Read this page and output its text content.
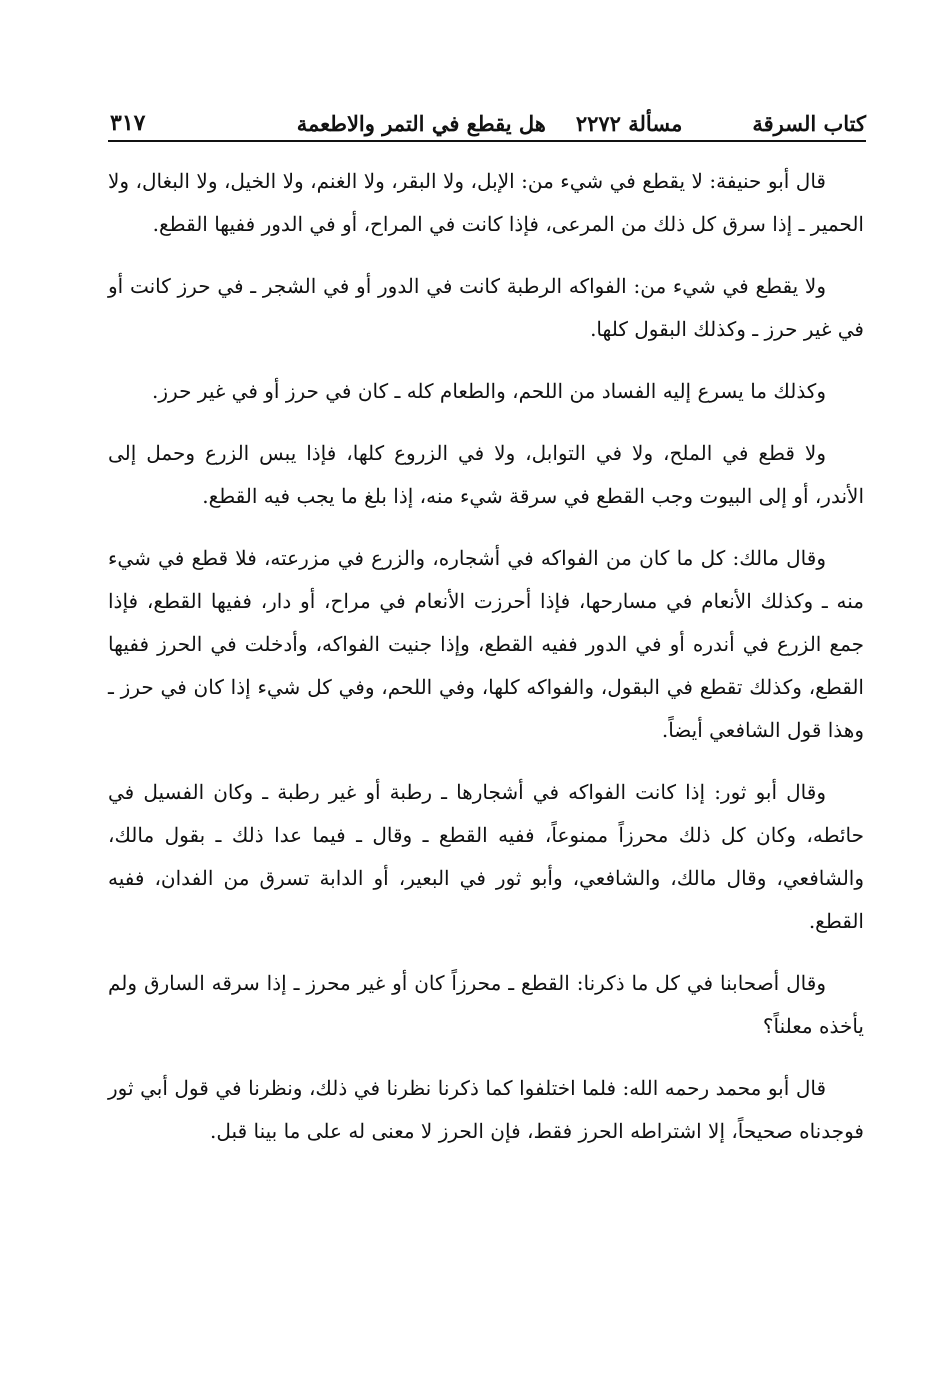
كتاب السرقة
مسألة ٢٢٧٢
هل يقطع في التمر والاطعمة
٣١٧

قال أبو حنيفة: لا يقطع في شيء من: الإبل، ولا البقر، ولا الغنم، ولا الخيل، ولا البغال، ولا الحمير ـ إذا سرق كل ذلك من المرعى، فإذا كانت في المراح، أو في الدور ففيها القطع.

ولا يقطع في شيء من: الفواكه الرطبة كانت في الدور أو في الشجر ـ في حرز كانت أو في غير حرز ـ وكذلك البقول كلها.

وكذلك ما يسرع إليه الفساد من اللحم، والطعام كله ـ كان في حرز أو في غير حرز.

ولا قطع في الملح، ولا في التوابل، ولا في الزروع كلها، فإذا يبس الزرع وحمل إلى الأندر، أو إلى البيوت وجب القطع في سرقة شيء منه، إذا بلغ ما يجب فيه القطع.

وقال مالك: كل ما كان من الفواكه في أشجاره، والزرع في مزرعته، فلا قطع في شيء منه ـ وكذلك الأنعام في مسارحها، فإذا أحرزت الأنعام في مراح، أو دار، ففيها القطع، فإذا جمع الزرع في أندره أو في الدور ففيه القطع، وإذا جنيت الفواكه، وأدخلت في الحرز ففيها القطع، وكذلك تقطع في البقول، والفواكه كلها، وفي اللحم، وفي كل شيء إذا كان في حرز ـ وهذا قول الشافعي أيضاً.

وقال أبو ثور: إذا كانت الفواكه في أشجارها ـ رطبة أو غير رطبة ـ وكان الفسيل في حائطه، وكان كل ذلك محرزاً ممنوعاً، ففيه القطع ـ وقال ـ فيما عدا ذلك ـ بقول مالك، والشافعي، وقال مالك، والشافعي، وأبو ثور في البعير، أو الدابة تسرق من الفدان، ففيه القطع.

وقال أصحابنا في كل ما ذكرنا: القطع ـ محرزاً كان أو غير محرز ـ إذا سرقه السارق ولم يأخذه معلناً؟

قال أبو محمد رحمه الله: فلما اختلفوا كما ذكرنا نظرنا في ذلك، ونظرنا في قول أبي ثور فوجدناه صحيحاً، إلا اشتراطه الحرز فقط، فإن الحرز لا معنى له على ما بينا قبل.
